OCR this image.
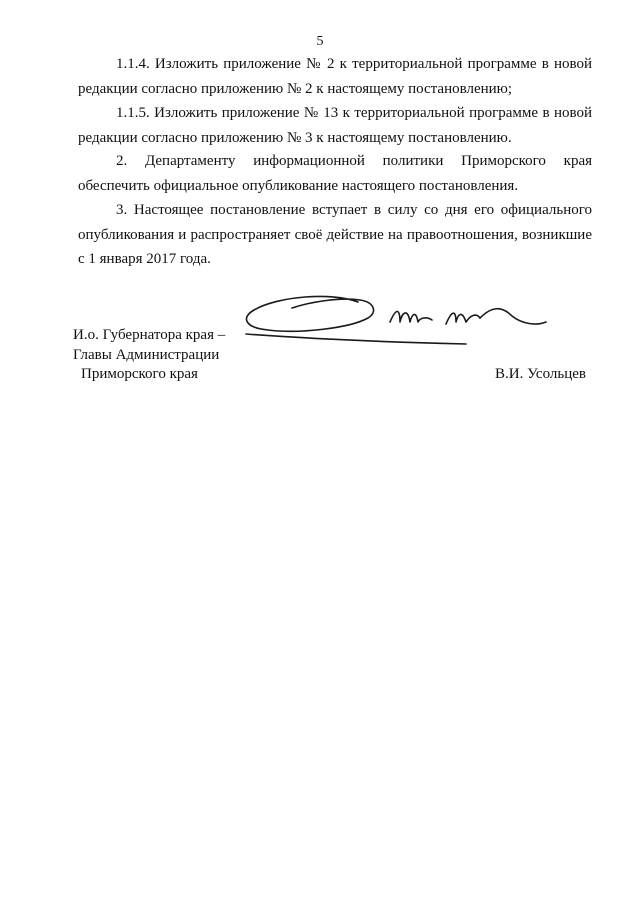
5

1.1.4. Изложить приложение № 2 к территориальной программе в новой редакции согласно приложению № 2 к настоящему постановлению;

1.1.5. Изложить приложение № 13 к территориальной программе в новой редакции согласно приложению № 3 к настоящему постановлению.

2. Департаменту информационной политики Приморского края обеспечить официальное опубликование настоящего постановления.

3. Настоящее постановление вступает в силу со дня его официального опубликования и распространяет своё действие на правоотношения, возникшие с 1 января 2017 года.

И.о. Губернатора края –
Главы Администрации
Приморского края	В.И. Усольцев
